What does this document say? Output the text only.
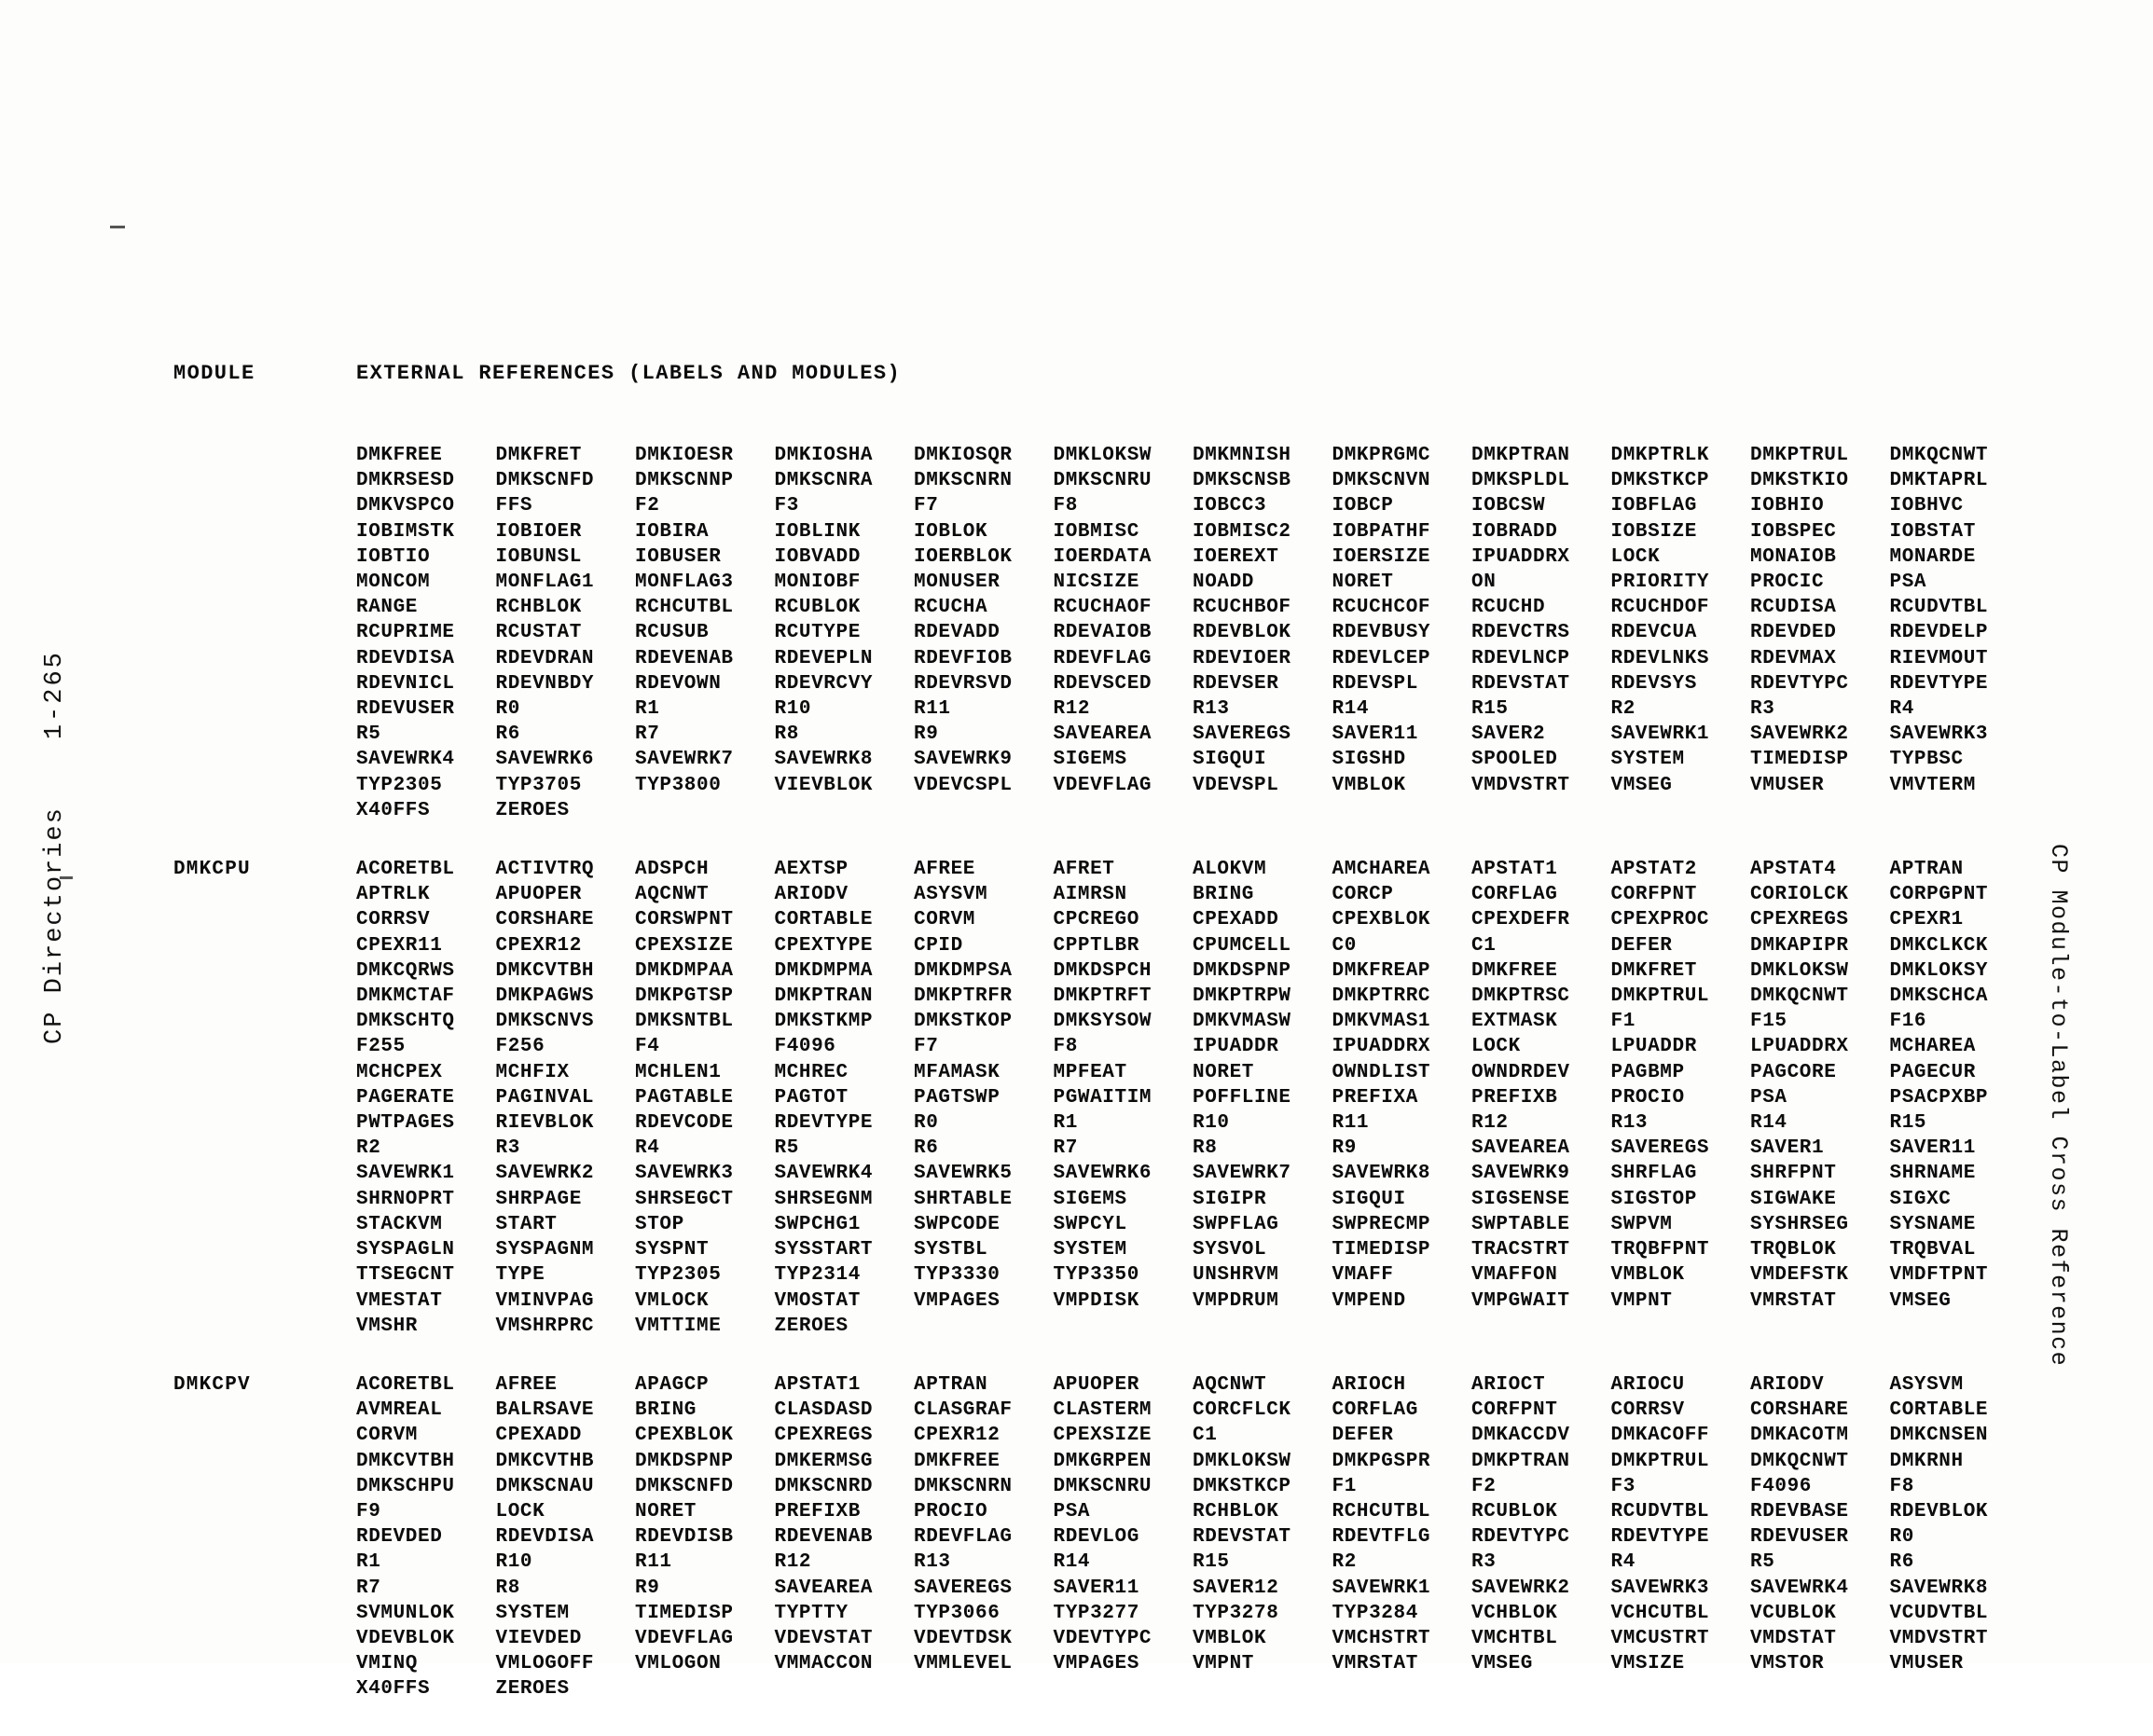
CP Directories1-265
CP Module-to-Label Cross Reference
MODULE	EXTERNAL REFERENCES (LABELS AND MODULES)
DMKFREE	DMKFRET	DMKIOESR	DMKIOSHA	DMKIOSQR	DMKLOKSW	DMKMNISH	DMKPRGMC	DMKPTRAN	DMKPTRLK	DMKPTRUL	DMKQCNWT
DMKRSESD	DMKSCNFD	DMKSCNNP	DMKSCNRA	DMKSCNRN	DMKSCNRU	DMKSCNSB	DMKSCNVN	DMKSPLDL	DMKSTKCP	DMKSTKIO	DMKTAPRL
DMKVSPCO	FFS	F2	F3	F7	F8	IOBCC3	IOBCP	IOBCSW	IOBFLAG	IOBHIO	IOBHVC
IOBIMSTK	IOBIOER	IOBIRA	IOBLINK	IOBLOK	IOBMISC	IOBMISC2	IOBPATHF	IOBRADD	IOBSIZE	IOBSPEC	IOBSTAT
IOBTIO	IOBUNSL	IOBUSER	IOBVADD	IOERBLOK	IOERDATA	IOEREXT	IOERSIZE	IPUADDRX	LOCK	MONAIOB	MONARDE
MONCOM	MONFLAG1	MONFLAG3	MONIOBF	MONUSER	NICSIZE	NOADD	NORET	ON	PRIORITY	PROCIC	PSA
RANGE	RCHBLOK	RCHCUTBL	RCUBLOK	RCUCHA	RCUCHAOF	RCUCHBOF	RCUCHCOF	RCUCHD	RCUCHDOF	RCUDISA	RCUDVTBL
RCUPRIME	RCUSTAT	RCUSUB	RCUTYPE	RDEVADD	RDEVAIOB	RDEVBLOK	RDEVBUSY	RDEVCTRS	RDEVCUA	RDEVDED	RDEVDELP
RDEVDISA	RDEVDRAN	RDEVENAB	RDEVEPLN	RDEVFIOB	RDEVFLAG	RDEVIOER	RDEVLCEP	RDEVLNCP	RDEVLNKS	RDEVMAX	RIEVMOUT
RDEVNICL	RDEVNBDY	RDEVOWN	RDEVRCVY	RDEVRSVD	RDEVSCED	RDEVSER	RDEVSPL	RDEVSTAT	RDEVSYS	RDEVTYPC	RDEVTYPE
RDEVUSER	R0	R1	R10	R11	R12	R13	R14	R15	R2	R3	R4
R5	R6	R7	R8	R9	SAVEAREA	SAVEREGS	SAVER11	SAVER2	SAVEWRK1	SAVEWRK2	SAVEWRK3
SAVEWRK4	SAVEWRK6	SAVEWRK7	SAVEWRK8	SAVEWRK9	SIGEMS	SIGQUI	SIGSHD	SPOOLED	SYSTEM	TIMEDISP	TYPBSC
TYP2305	TYP3705	TYP3800	VIEVBLOK	VDEVCSPL	VDEVFLAG	VDEVSPL	VMBLOK	VMDVSTRT	VMSEG	VMUSER	VMVTERM
X40FFS	ZEROES
DMKCPU	ACORETBL	ACTIVTRQ	ADSPCH	AEXTSP	AFREE	AFRET	ALOKVM	AMCHAREA	APSTAT1	APSTAT2	APSTAT4	APTRAN
APTRLK	APUOPER	AQCNWT	ARIODV	ASYSVM	AIMRSN	BRING	CORCP	CORFLAG	CORFPNT	CORIOLCK	CORPGPNT
CORRSV	CORSHARE	CORSWPNT	CORTABLE	CORVM	CPCREGO	CPEXADD	CPEXBLOK	CPEXDEFR	CPEXPROC	CPEXREGS	CPEXR1
CPEXR11	CPEXR12	CPEXSIZE	CPEXTYPE	CPID	CPPTLBR	CPUMCELL	C0	C1	DEFER	DMKAPIPR	DMKCLKCK
DMKCQRWS	DMKCVTBH	DMKDMPAA	DMKDMPMA	DMKDMPSA	DMKDSPCH	DMKDSPNP	DMKFREAP	DMKFREE	DMKFRET	DMKLOKSW	DMKLOKSY
DMKMCTAF	DMKPAGWS	DMKPGTSP	DMKPTRAN	DMKPTRFR	DMKPTRFT	DMKPTRPW	DMKPTRRC	DMKPTRSC	DMKPTRUL	DMKQCNWT	DMKSCHCA
DMKSCHTQ	DMKSCNVS	DMKSNTBL	DMKSTKMP	DMKSTKOP	DMKSYSOW	DMKVMASW	DMKVMAS1	EXTMASK	F1	F15	F16
F255	F256	F4	F4096	F7	F8	IPUADDR	IPUADDRX	LOCK	LPUADDR	LPUADDRX	MCHAREA
MCHCPEX	MCHFIX	MCHLEN1	MCHREC	MFAMASK	MPFEAT	NORET	OWNDLIST	OWNDRDEV	PAGBMP	PAGCORE	PAGECUR
PAGERATE	PAGINVAL	PAGTABLE	PAGTOT	PAGTSWP	PGWAITIM	POFFLINE	PREFIXA	PREFIXB	PROCIO	PSA	PSACPXBP
PWTPAGES	RIEVBLOK	RDEVCODE	RDEVTYPE	R0	R1	R10	R11	R12	R13	R14	R15
R2	R3	R4	R5	R6	R7	R8	R9	SAVEAREA	SAVEREGS	SAVER1	SAVER11
SAVEWRK1	SAVEWRK2	SAVEWRK3	SAVEWRK4	SAVEWRK5	SAVEWRK6	SAVEWRK7	SAVEWRK8	SAVEWRK9	SHRFLAG	SHRFPNT	SHRNAME
SHRNOPRT	SHRPAGE	SHRSEGCT	SHRSEGNM	SHRTABLE	SIGEMS	SIGIPR	SIGQUI	SIGSENSE	SIGSTOP	SIGWAKE	SIGXC
STACKVM	START	STOP	SWPCHG1	SWPCODE	SWPCYL	SWPFLAG	SWPRECMP	SWPTABLE	SWPVM	SYSHRSEG	SYSNAME
SYSPAGLN	SYSPAGNM	SYSPNT	SYSSTART	SYSTBL	SYSTEM	SYSVOL	TIMEDISP	TRACSTRT	TRQBFPNT	TRQBLOK	TRQBVAL
TTSEGCNT	TYPE	TYP2305	TYP2314	TYP3330	TYP3350	UNSHRVM	VMAFF	VMAFFON	VMBLOK	VMDEFSTK	VMDFTPNT
VMESTAT	VMINVPAG	VMLOCK	VMOSTAT	VMPAGES	VMPDISK	VMPDRUM	VMPEND	VMPGWAIT	VMPNT	VMRSTAT	VMSEG
VMSHR	VMSHRPRC	VMTTIME	ZEROES
DMKCPV	ACORETBL	AFREE	APAGCP	APSTAT1	APTRAN	APUOPER	AQCNWT	ARIOCH	ARIOCT	ARIOCU	ARIODV	ASYSVM
AVMREAL	BALRSAVE	BRING	CLASDASD	CLASGRAF	CLASTERM	CORCFLCK	CORFLAG	CORFPNT	CORRSV	CORSHARE	CORTABLE
CORVM	CPEXADD	CPEXBLOK	CPEXREGS	CPEXR12	CPEXSIZE	C1	DEFER	DMKACCDV	DMKACOFF	DMKACOTM	DMKCNSEN
DMKCVTBH	DMKCVTHB	DMKDSPNP	DMKERMSG	DMKFREE	DMKGRPEN	DMKLOKSW	DMKPGSPR	DMKPTRAN	DMKPTRUL	DMKQCNWT	DMKRNH
DMKSCHPU	DMKSCNAU	DMKSCNFD	DMKSCNRD	DMKSCNRN	DMKSCNRU	DMKSTKCP	F1	F2	F3	F4096	F8
F9	LOCK	NORET	PREFIXB	PROCIO	PSA	RCHBLOK	RCHCUTBL	RCUBLOK	RCUDVTBL	RDEVBASE	RDEVBLOK
RDEVDED	RDEVDISA	RDEVDISB	RDEVENAB	RDEVFLAG	RDEVLOG	RDEVSTAT	RDEVTFLG	RDEVTYPC	RDEVTYPE	RDEVUSER	R0
R1	R10	R11	R12	R13	R14	R15	R2	R3	R4	R5	R6
R7	R8	R9	SAVEAREA	SAVEREGS	SAVER11	SAVER12	SAVEWRK1	SAVEWRK2	SAVEWRK3	SAVEWRK4	SAVEWRK8
SVMUNLOK	SYSTEM	TIMEDISP	TYPTTY	TYP3066	TYP3277	TYP3278	TYP3284	VCHBLOK	VCHCUTBL	VCUBLOK	VCUDVTBL
VDEVBLOK	VIEVDED	VDEVFLAG	VDEVSTAT	VDEVTDSK	VDEVTYPC	VMBLOK	VMCHSTRT	VMCHTBL	VMCUSTRT	VMDSTAT	VMDVSTRT
VMINQ	VMLOGOFF	VMLOGON	VMMACCON	VMMLEVEL	VMPAGES	VMPNT	VMRSTAT	VMSEG	VMSIZE	VMSTOR	VMUSER
X40FFS	ZEROES
